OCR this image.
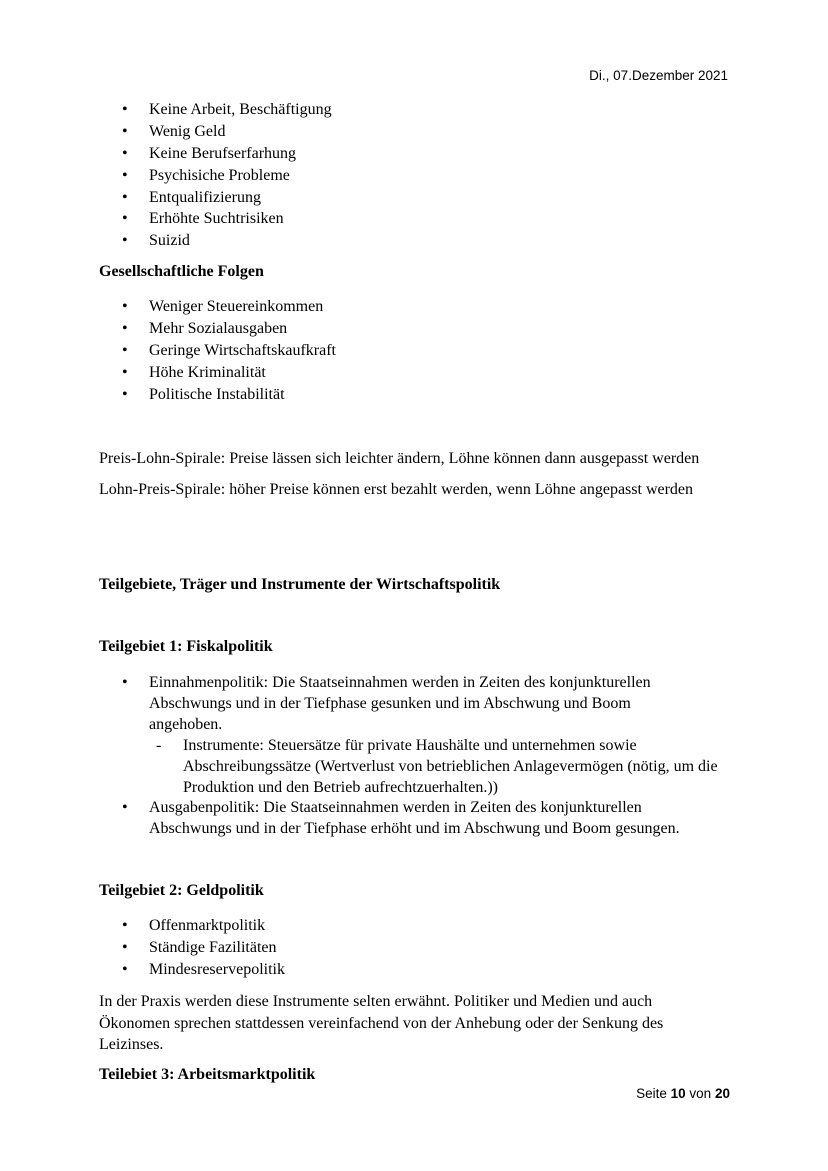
Di., 07.Dezember 2021
• Keine Arbeit, Beschäftigung
• Wenig Geld
• Keine Berufserfarhung
• Psychisiche Probleme
• Entqualifizierung
• Erhöhte Suchtrisiken
• Suizid
Gesellschaftliche Folgen
• Weniger Steuereinkommen
• Mehr Sozialausgaben
• Geringe Wirtschaftskaufkraft
• Höhe Kriminalität
• Politische Instabilität
Preis-Lohn-Spirale: Preise lässen sich leichter ändern, Löhne können dann ausgepasst werden
Lohn-Preis-Spirale: höher Preise können erst bezahlt werden, wenn Löhne angepasst werden
Teilgebiete, Träger und Instrumente der Wirtschaftspolitik
Teilgebiet 1: Fiskalpolitik
• Einnahmenpolitik: Die Staatseinnahmen werden in Zeiten des konjunkturellen Abschwungs und in der Tiefphase gesunken und im Abschwung und Boom angehoben.
- Instrumente: Steuersätze für private Haushälte und unternehmen sowie Abschreibungssätze (Wertverlust von betrieblichen Anlagevermögen (nötig, um die Produktion und den Betrieb aufrechtzuerhalten.))
• Ausgabenpolitik: Die Staatseinnahmen werden in Zeiten des konjunkturellen Abschwungs und in der Tiefphase erhöht und im Abschwung und Boom gesungen.
Teilgebiet 2: Geldpolitik
• Offenmarktpolitik
• Ständige Fazilitäten
• Mindesreservepolitik
In der Praxis werden diese Instrumente selten erwähnt. Politiker und Medien und auch Ökonomen sprechen stattdessen vereinfachend von der Anhebung oder der Senkung des Leizinses.
Teilebiet 3: Arbeitsmarktpolitik
Seite 10 von 20
